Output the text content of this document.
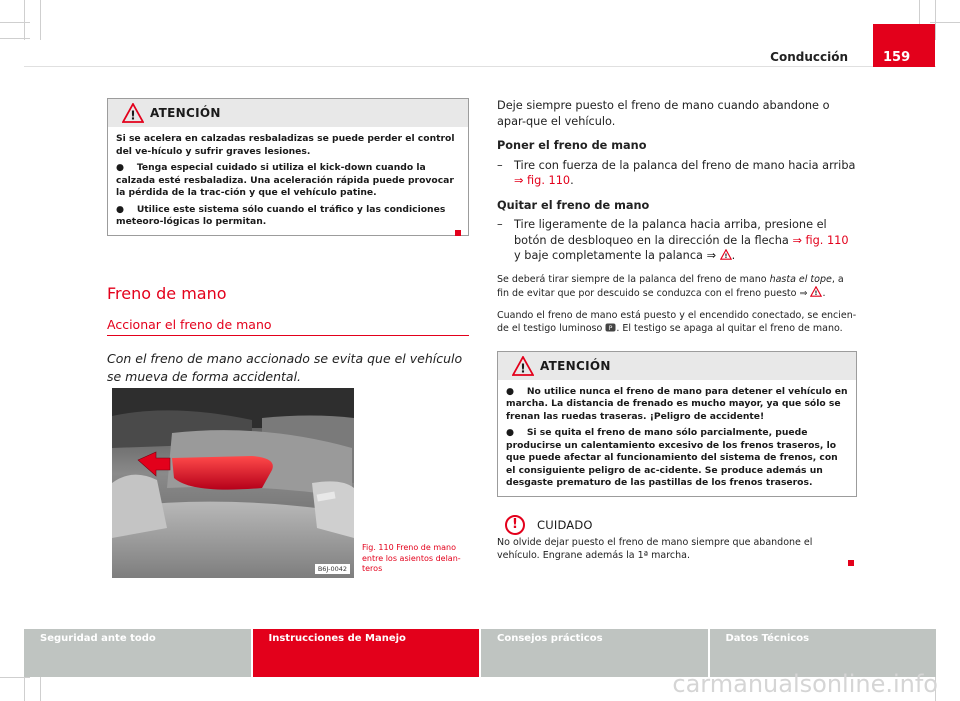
Conducción	159
! ATENCIÓN

Si se acelera en calzadas resbaladizas se puede perder el control del ve-hículo y sufrir graves lesiones.

●    Tenga especial cuidado si utiliza el kick-down cuando la calzada esté resbaladiza. Una aceleración rápida puede provocar la pérdida de la trac-ción y que el vehículo patine.

●    Utilice este sistema sólo cuando el tráfico y las condiciones meteoro-lógicas lo permitan.

Freno de mano
Accionar el freno de mano
Con el freno de mano accionado se evita que el vehículo se mueva de forma accidental.
B6J-0042
Fig. 110 Freno de mano entre los asientos delan-teros
Deje siempre puesto el freno de mano cuando abandone o apar-que el vehículo.
Poner el freno de mano
–	Tire con fuerza de la palanca del freno de mano hacia arriba
⇒ fig. 110.
Quitar el freno de mano
–	Tire ligeramente de la palanca hacia arriba, presione el botón de desbloqueo en la dirección de la flecha ⇒ fig. 110 y baje completamente la palanca ⇒ ! .
Se deberá tirar siempre de la palanca del freno de mano hasta el tope, a fin de evitar que por descuido se conduzca con el freno puesto ⇒ ! .
Cuando el freno de mano está puesto y el encendido conectado, se encien-de el testigo luminoso P . El testigo se apaga al quitar el freno de mano.
! ATENCIÓN

●    No utilice nunca el freno de mano para detener el vehículo en marcha. La distancia de frenado es mucho mayor, ya que sólo se frenan las ruedas traseras. ¡Peligro de accidente!

●    Si se quita el freno de mano sólo parcialmente, puede producirse un calentamiento excesivo de los frenos traseros, lo que puede afectar al funcionamiento del sistema de frenos, con el consiguiente peligro de ac-cidente. Se produce además un desgaste prematuro de las pastillas de los frenos traseros.

!	CUIDADO
No olvide dejar puesto el freno de mano siempre que abandone el vehículo. Engrane además la 1ª marcha.
Seguridad ante todo	Instrucciones de Manejo	Consejos prácticos	Datos Técnicos
carmanualsonline.info
